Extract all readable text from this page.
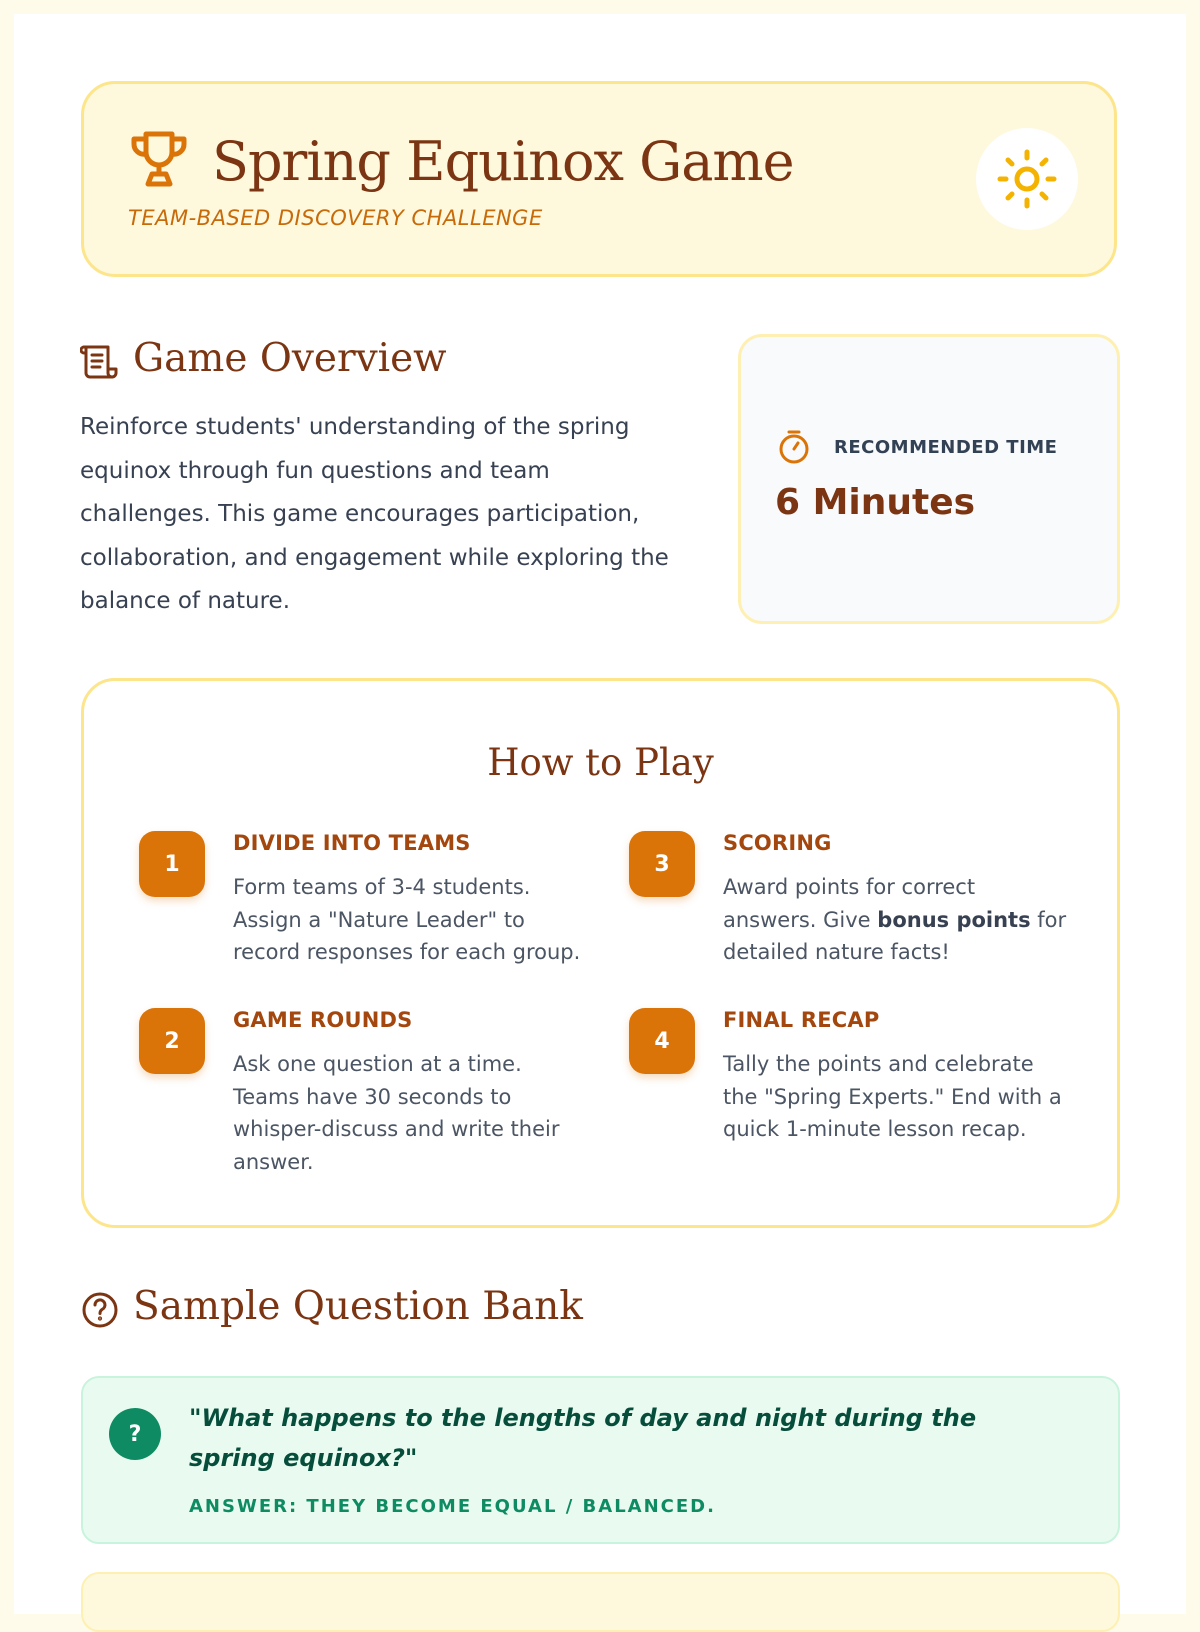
Spring Equinox Game
TEAM-BASED DISCOVERY CHALLENGE
Game Overview
Reinforce students' understanding of the spring equinox through fun questions and team challenges. This game encourages participation, collaboration, and engagement while exploring the balance of nature.
RECOMMENDED TIME
6 Minutes
How to Play
1
DIVIDE INTO TEAMS
Form teams of 3-4 students. Assign a "Nature Leader" to record responses for each group.
2
GAME ROUNDS
Ask one question at a time. Teams have 30 seconds to whisper-discuss and write their answer.
3
SCORING
Award points for correct answers. Give bonus points for detailed nature facts!
4
FINAL RECAP
Tally the points and celebrate the "Spring Experts." End with a quick 1-minute lesson recap.
Sample Question Bank
?
"What happens to the lengths of day and night during the spring equinox?"
ANSWER: THEY BECOME EQUAL / BALANCED.
